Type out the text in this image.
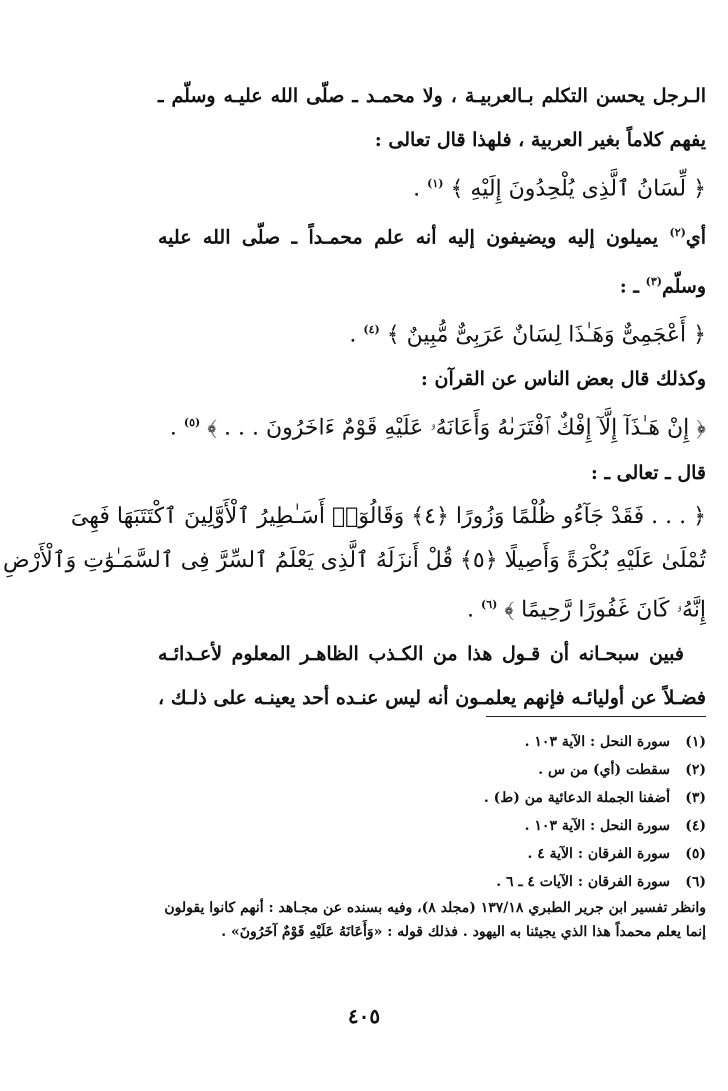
الـرجل يحسن التكلم بـالعربيـة ، ولا محمـد ـ صلّى الله عليـه وسلّم ـ

يفهم كلاماً بغير العربية ، فلهذا قال تعالى :

﴿ لِّسَانُ ٱلَّذِى يُلْحِدُونَ إِلَيْهِ ﴾ $^{(١)}$ .

أي$^{(٢)}$ يميلون إليه ويضيفون إليه أنه علم محمـداً ـ صلّى الله عليه

وسلّم$^{(٣)}$ ـ :

﴿ أَعْجَمِىٌّ وَهَـٰذَا لِسَانٌ عَرَبِىٌّ مُّبِينٌ ﴾ $^{(٤)}$ .

وكذلك قال بعض الناس عن القرآن :

﴿ إِنْ هَـٰذَآ إِلَّآ إِفْكٌ ٱفْتَرَىٰهُ وَأَعَانَهُۥ عَلَيْهِ قَوْمٌ ءَاخَرُونَ . . . ﴾ $^{(٥)}$ .

قال ـ تعالى ـ :

﴿ . . . فَقَدْ جَآءُو ظُلْمًا وَزُورًا ﴿٤﴾ وَقَالُوٓا۟ أَسَـٰطِيرُ ٱلْأَوَّلِينَ ٱكْتَتَبَهَا فَهِىَ

تُمْلَىٰ عَلَيْهِ بُكْرَةً وَأَصِيلًا ﴿٥﴾ قُلْ أَنزَلَهُ ٱلَّذِى يَعْلَمُ ٱلسِّرَّ فِى ٱلسَّمَـٰوَٰتِ وَٱلْأَرْضِ

إِنَّهُۥ كَانَ غَفُورًا رَّحِيمًا ﴾ $^{(٦)}$ .

فبين سبحـانه أن قـول هذا من الكـذب الظاهـر المعلوم لأعـدائـه

فضـلاً عن أوليائـه فإنهم يعلمـون أنه ليس عنـده أحد يعينـه على ذلـك ،

(١)سورة النحل : الآية ١٠٣ .

(٢)سقطت (أي) من س .

(٣)أضفنا الجملة الدعائية من (ط) .

(٤)سورة النحل : الآية ١٠٣ .

(٥)سورة الفرقان : الآية ٤ .

(٦)سورة الفرقان : الآيات ٤ ـ ٦ .

وانظر تفسير ابن جرير الطبري ١٣٧/١٨ (مجلد ٨)، وفيه بسنده عن مجـاهد : أنهم كانوا يقولون إنما يعلم محمداً هذا الذي يجيئنا به اليهود . فذلك قوله : «وَأَعَانَهُ عَلَيْهِ قَوْمٌ آخَرُونَ» .

٤٠٥
